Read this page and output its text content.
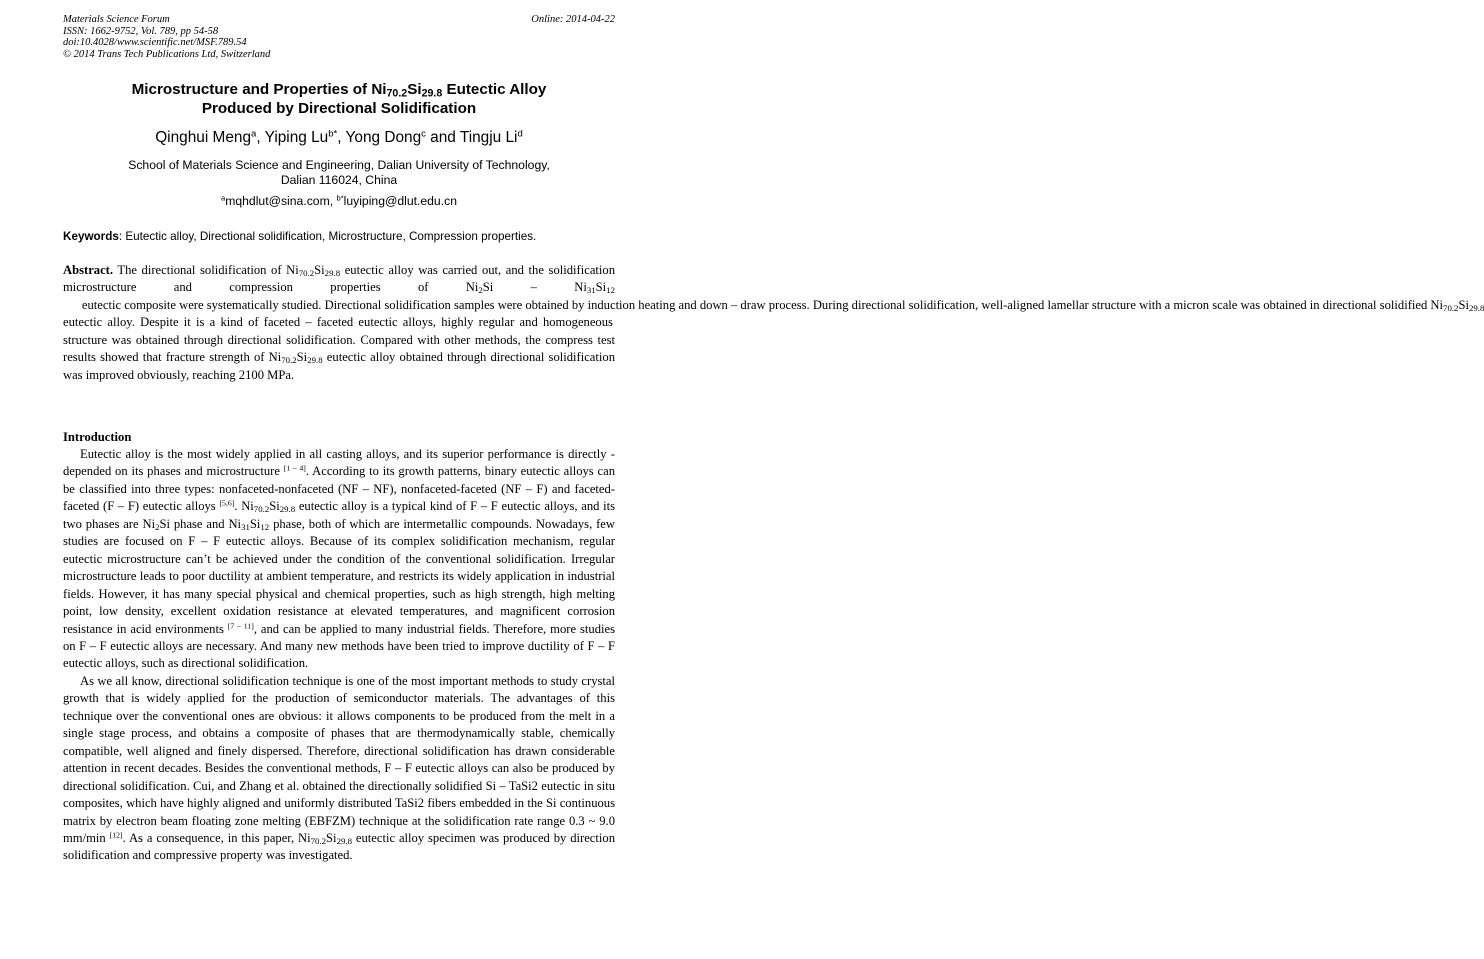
Materials Science Forum
ISSN: 1662-9752, Vol. 789, pp 54-58
doi:10.4028/www.scientific.net/MSF.789.54
© 2014 Trans Tech Publications Ltd, Switzerland
Online: 2014-04-22
Microstructure and Properties of $Ni_{70.2}Si_{29.8}$ Eutectic Alloy
Produced by Directional Solidification
Qinghui Meng$^a$, Yiping $Lu^{b*}$, Yong Dong$^c$ and Tingju Li$^d$
School of Materials Science and Engineering, Dalian University of Technology,
Dalian 116024, China
$^a$mqhdlut@sina.com, $^{b*}$luyiping@dlut.edu.cn
Keywords: Eutectic alloy, Directional solidification, Microstructure, Compression properties.
Abstract. The directional solidification of $Ni_{70.2}Si_{29.8}$ eutectic alloy was carried out, and the solidification microstructure and compression properties of $Ni_2Si - Ni_{31}Si_{12}$      eutectic composite were systematically studied. Directional solidification samples were obtained by induction heating and down – draw process. During directional solidification, well-aligned lamellar structure with a micron scale was obtained in directional solidified $Ni_{70.2}Si_{29.8}$ eutectic alloy. Despite it is a kind of faceted – faceted eutectic alloys, highly regular and homogeneous structure was obtained through directional solidification. Compared with other methods, the compress test results showed that fracture strength of $Ni_{70.2}Si_{29.8}$ eutectic alloy obtained through directional solidification was improved obviously, reaching 2100 MPa.
Introduction

Eutectic alloy is the most widely applied in all casting alloys, and its superior performance is directly -depended on its phases and microstructure [1 – 4]. According to its growth patterns, binary eutectic alloys can be classified into three types: nonfaceted-nonfaceted (NF – NF), nonfaceted-faceted (NF – F) and faceted-faceted (F – F) eutectic alloys [5,6]. $Ni_{70.2}Si_{29.8}$ eutectic alloy is a typical kind of F – F eutectic alloys, and its two phases are $Ni_2Si$ phase and $Ni_{31}Si_{12}$ phase, both of which are intermetallic compounds. Nowadays, few studies are focused on F – F eutectic alloys. Because of its complex solidification mechanism, regular eutectic microstructure can’t be achieved under the condition of the conventional solidification. Irregular microstructure leads to poor ductility at ambient temperature, and restricts its widely application in industrial fields. However, it has many special physical and chemical properties, such as high strength, high melting point, low density, excellent oxidation resistance at elevated temperatures, and magnificent corrosion resistance in acid environments [7 – 11], and can be applied to many industrial fields. Therefore, more studies on F – F eutectic alloys are necessary. And many new methods have been tried to improve ductility of F – F eutectic alloys, such as directional solidification.

As we all know, directional solidification technique is one of the most important methods to study crystal growth that is widely applied for the production of semiconductor materials. The advantages of this technique over the conventional ones are obvious: it allows components to be produced from the melt in a single stage process, and obtains a composite of phases that are thermodynamically stable, chemically compatible, well aligned and finely dispersed. Therefore, directional solidification has drawn considerable attention in recent decades. Besides the conventional methods, F – F eutectic alloys can also be produced by directional solidification. Cui, and Zhang et al. obtained the directionally solidified Si – TaSi2 eutectic in situ composites, which have highly aligned and uniformly distributed TaSi2 fibers embedded in the Si continuous matrix by electron beam floating zone melting (EBFZM) technique at the solidification rate range 0.3 ~ 9.0 mm/min [12]. As a consequence, in this paper, $Ni_{70.2}Si_{29.8}$ eutectic alloy specimen was produced by direction solidification and compressive property was investigated.
